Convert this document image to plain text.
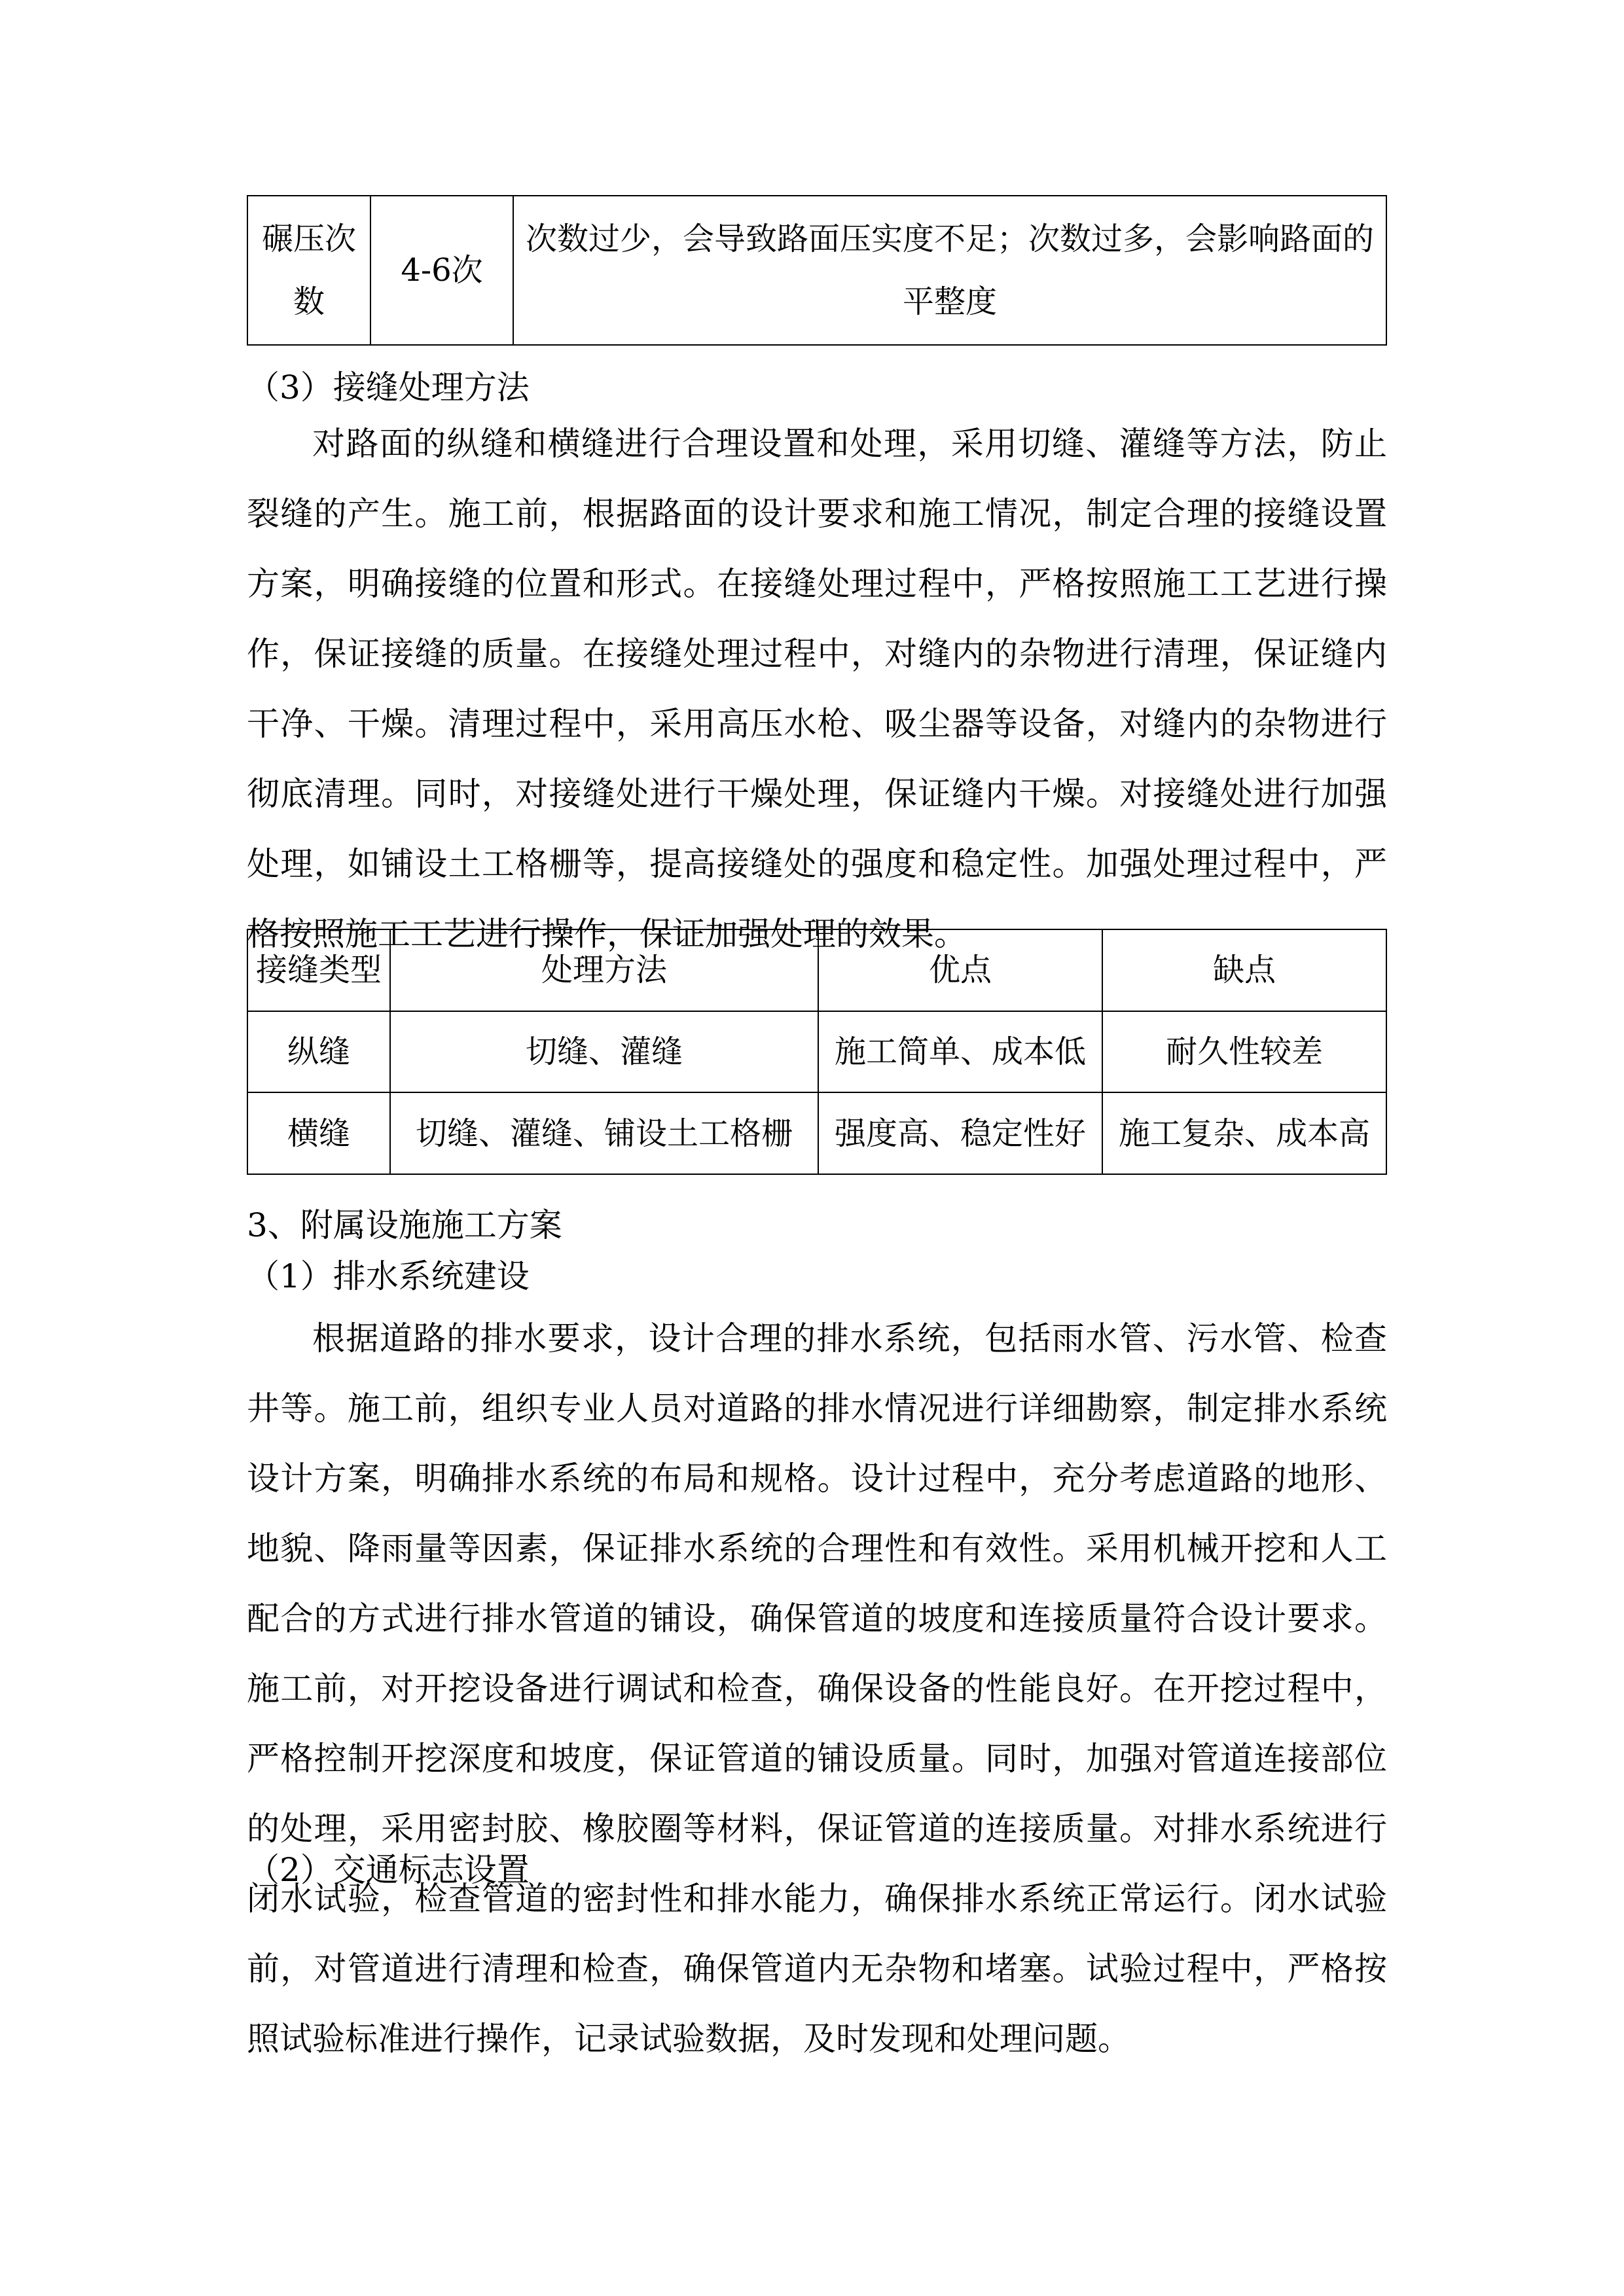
碾压次数	4-6次	次数过少，会导致路面压实度不足；次数过多，会影响路面的平整度
（3）接缝处理方法
对路面的纵缝和横缝进行合理设置和处理，采用切缝、灌缝等方法，防止裂缝的产生。施工前，根据路面的设计要求和施工情况，制定合理的接缝设置方案，明确接缝的位置和形式。在接缝处理过程中，严格按照施工工艺进行操作，保证接缝的质量。在接缝处理过程中，对缝内的杂物进行清理，保证缝内干净、干燥。清理过程中，采用高压水枪、吸尘器等设备，对缝内的杂物进行彻底清理。同时，对接缝处进行干燥处理，保证缝内干燥。对接缝处进行加强处理，如铺设土工格栅等，提高接缝处的强度和稳定性。加强处理过程中，严格按照施工工艺进行操作，保证加强处理的效果。
接缝类型	处理方法	优点	缺点
纵缝	切缝、灌缝	施工简单、成本低	耐久性较差
横缝	切缝、灌缝、铺设土工格栅	强度高、稳定性好	施工复杂、成本高
3、附属设施施工方案
（1）排水系统建设
根据道路的排水要求，设计合理的排水系统，包括雨水管、污水管、检查井等。施工前，组织专业人员对道路的排水情况进行详细勘察，制定排水系统设计方案，明确排水系统的布局和规格。设计过程中，充分考虑道路的地形、地貌、降雨量等因素，保证排水系统的合理性和有效性。采用机械开挖和人工配合的方式进行排水管道的铺设，确保管道的坡度和连接质量符合设计要求。施工前，对开挖设备进行调试和检查，确保设备的性能良好。在开挖过程中，严格控制开挖深度和坡度，保证管道的铺设质量。同时，加强对管道连接部位的处理，采用密封胶、橡胶圈等材料，保证管道的连接质量。对排水系统进行闭水试验，检查管道的密封性和排水能力，确保排水系统正常运行。闭水试验前，对管道进行清理和检查，确保管道内无杂物和堵塞。试验过程中，严格按照试验标准进行操作，记录试验数据，及时发现和处理问题。
（2）交通标志设置
